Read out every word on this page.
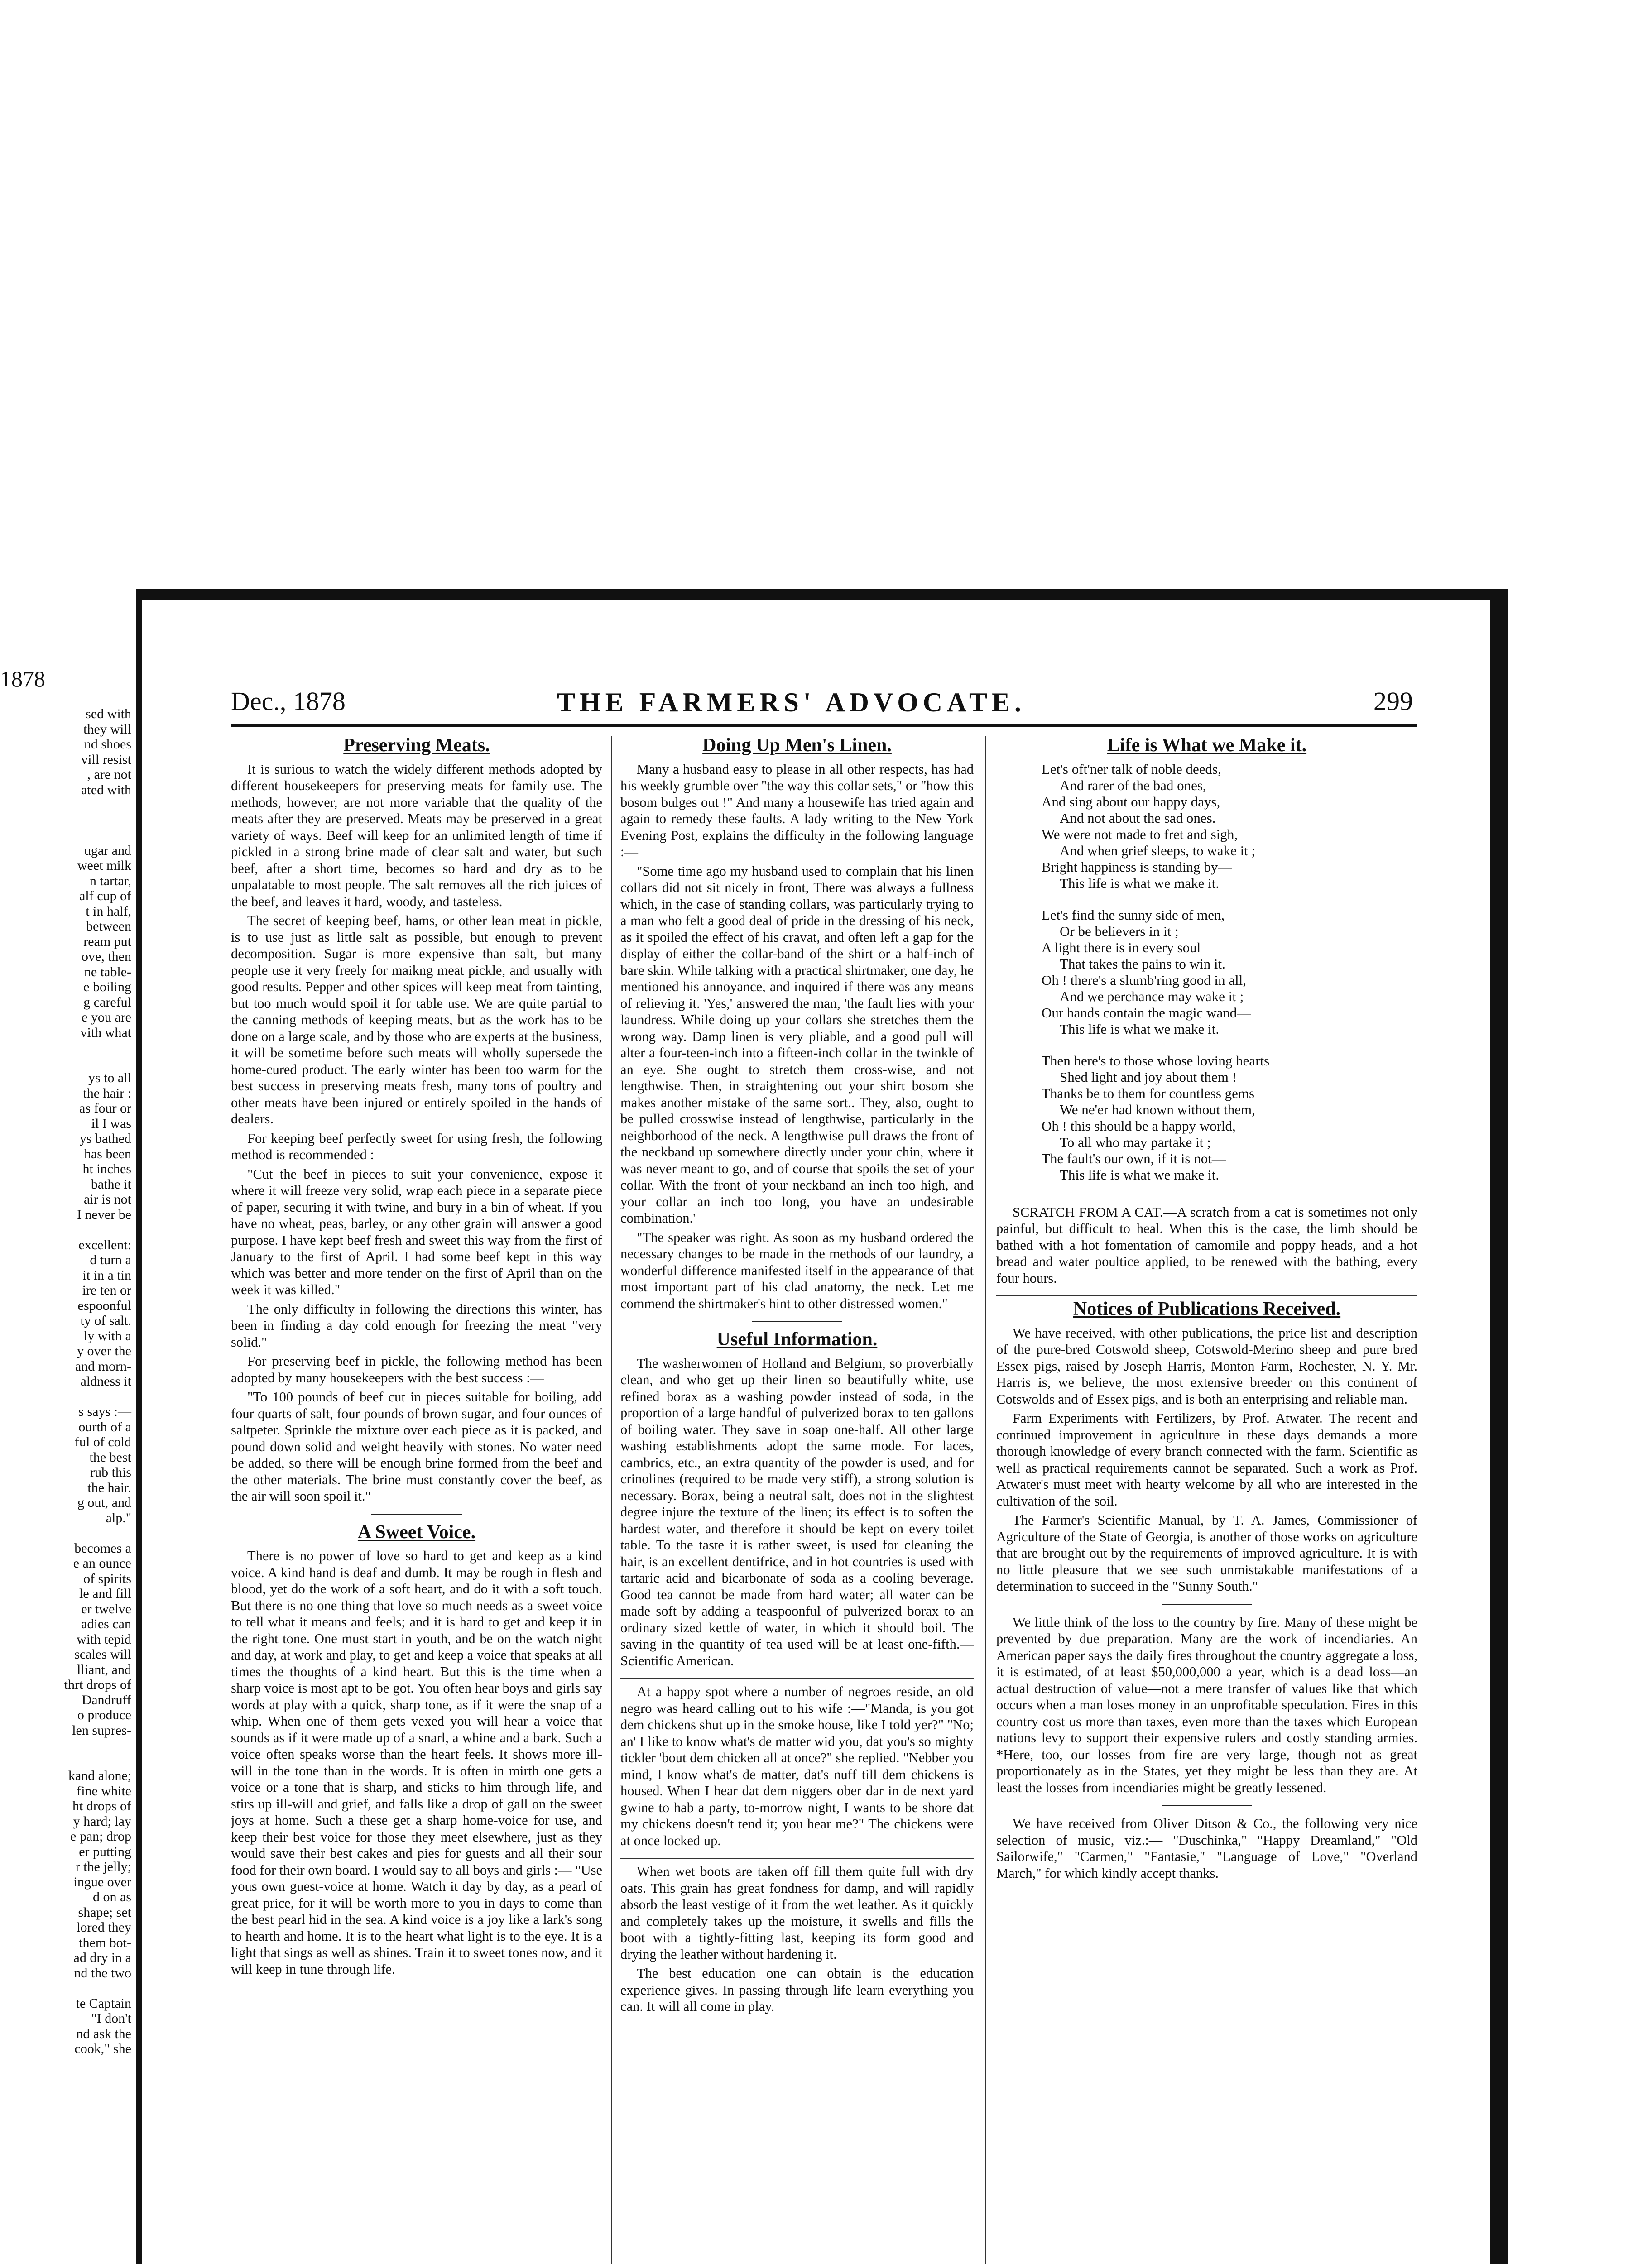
1878
sed with
they will
nd shoes
vill resist
, are not
ated with

ugar and
weet milk
n tartar,
alf cup of
t in half,
between
ream put
ove, then
ne table-
e boiling
g careful
e you are
vith what

ys to all
the hair :
as four or
il I was
ys bathed
has been
ht inches
bathe it
air is not
I never be

excellent:
d turn a
it in a tin
ire ten or
espoonful
ty of salt.
ly with a
y over the
and morn-
aldness it

s says :—
ourth of a
ful of cold
the best
rub this
the hair.
g out, and
alp."

becomes a
e an ounce
of spirits
le and fill
er twelve
adies can
with tepid
scales will
lliant, and
thrt drops of
Dandruff
o produce
len supres-

kand alone;
fine white
ht drops of
y hard; lay
e pan; drop
er putting
r the jelly;
ingue over
d on as
shape; set
lored they
them bot-
ad dry in a
nd the two

te Captain
"I don't
nd ask the
cook," she
Dec., 1878	THE FARMERS' ADVOCATE.	299
Preserving Meats.

It is surious to watch the widely different methods adopted by different housekeepers for preserving meats for family use. The methods, however, are not more variable that the quality of the meats after they are preserved. Meats may be preserved in a great variety of ways. Beef will keep for an unlimited length of time if pickled in a strong brine made of clear salt and water, but such beef, after a short time, becomes so hard and dry as to be unpalatable to most people. The salt removes all the rich juices of the beef, and leaves it hard, woody, and tasteless.

The secret of keeping beef, hams, or other lean meat in pickle, is to use just as little salt as possible, but enough to prevent decomposition. Sugar is more expensive than salt, but many people use it very freely for maikng meat pickle, and usually with good results. Pepper and other spices will keep meat from tainting, but too much would spoil it for table use. We are quite partial to the canning methods of keeping meats, but as the work has to be done on a large scale, and by those who are experts at the business, it will be sometime before such meats will wholly supersede the home-cured product. The early winter has been too warm for the best success in preserving meats fresh, many tons of poultry and other meats have been injured or entirely spoiled in the hands of dealers.

For keeping beef perfectly sweet for using fresh, the following method is recommended :—

"Cut the beef in pieces to suit your convenience, expose it where it will freeze very solid, wrap each piece in a separate piece of paper, securing it with twine, and bury in a bin of wheat. If you have no wheat, peas, barley, or any other grain will answer a good purpose. I have kept beef fresh and sweet this way from the first of January to the first of April. I had some beef kept in this way which was better and more tender on the first of April than on the week it was killed."

The only difficulty in following the directions this winter, has been in finding a day cold enough for freezing the meat "very solid."

For preserving beef in pickle, the following method has been adopted by many housekeepers with the best success :—

"To 100 pounds of beef cut in pieces suitable for boiling, add four quarts of salt, four pounds of brown sugar, and four ounces of saltpeter. Sprinkle the mixture over each piece as it is packed, and pound down solid and weight heavily with stones. No water need be added, so there will be enough brine formed from the beef and the other materials. The brine must constantly cover the beef, as the air will soon spoil it."

A Sweet Voice.

There is no power of love so hard to get and keep as a kind voice. A kind hand is deaf and dumb. It may be rough in flesh and blood, yet do the work of a soft heart, and do it with a soft touch. But there is no one thing that love so much needs as a sweet voice to tell what it means and feels; and it is hard to get and keep it in the right tone. One must start in youth, and be on the watch night and day, at work and play, to get and keep a voice that speaks at all times the thoughts of a kind heart. But this is the time when a sharp voice is most apt to be got. You often hear boys and girls say words at play with a quick, sharp tone, as if it were the snap of a whip. When one of them gets vexed you will hear a voice that sounds as if it were made up of a snarl, a whine and a bark. Such a voice often speaks worse than the heart feels. It shows more ill-will in the tone than in the words. It is often in mirth one gets a voice or a tone that is sharp, and sticks to him through life, and stirs up ill-will and grief, and falls like a drop of gall on the sweet joys at home. Such a these get a sharp home-voice for use, and keep their best voice for those they meet elsewhere, just as they would save their best cakes and pies for guests and all their sour food for their own board. I would say to all boys and girls :— "Use yous own guest-voice at home. Watch it day by day, as a pearl of great price, for it will be worth more to you in days to come than the best pearl hid in the sea. A kind voice is a joy like a lark's song to hearth and home. It is to the heart what light is to the eye. It is a light that sings as well as shines. Train it to sweet tones now, and it will keep in tune through life.

Doing Up Men's Linen.

Many a husband easy to please in all other respects, has had his weekly grumble over "the way this collar sets," or "how this bosom bulges out !" And many a housewife has tried again and again to remedy these faults. A lady writing to the New York Evening Post, explains the difficulty in the following language :—

"Some time ago my husband used to complain that his linen collars did not sit nicely in front, There was always a fullness which, in the case of standing collars, was particularly trying to a man who felt a good deal of pride in the dressing of his neck, as it spoiled the effect of his cravat, and often left a gap for the display of either the collar-band of the shirt or a half-inch of bare skin. While talking with a practical shirtmaker, one day, he mentioned his annoyance, and inquired if there was any means of relieving it. 'Yes,' answered the man, 'the fault lies with your laundress. While doing up your collars she stretches them the wrong way. Damp linen is very pliable, and a good pull will alter a four-teen-inch into a fifteen-inch collar in the twinkle of an eye. She ought to stretch them cross-wise, and not lengthwise. Then, in straightening out your shirt bosom she makes another mistake of the same sort.. They, also, ought to be pulled crosswise instead of lengthwise, particularly in the neighborhood of the neck. A lengthwise pull draws the front of the neckband up somewhere directly under your chin, where it was never meant to go, and of course that spoils the set of your collar. With the front of your neckband an inch too high, and your collar an inch too long, you have an undesirable combination.'

"The speaker was right. As soon as my husband ordered the necessary changes to be made in the methods of our laundry, a wonderful difference manifested itself in the appearance of that most important part of his clad anatomy, the neck. Let me commend the shirtmaker's hint to other distressed women."

Useful Information.

The washerwomen of Holland and Belgium, so proverbially clean, and who get up their linen so beautifully white, use refined borax as a washing powder instead of soda, in the proportion of a large handful of pulverized borax to ten gallons of boiling water. They save in soap one-half. All other large washing establishments adopt the same mode. For laces, cambrics, etc., an extra quantity of the powder is used, and for crinolines (required to be made very stiff), a strong solution is necessary. Borax, being a neutral salt, does not in the slightest degree injure the texture of the linen; its effect is to soften the hardest water, and therefore it should be kept on every toilet table. To the taste it is rather sweet, is used for cleaning the hair, is an excellent dentifrice, and in hot countries is used with tartaric acid and bicarbonate of soda as a cooling beverage. Good tea cannot be made from hard water; all water can be made soft by adding a teaspoonful of pulverized borax to an ordinary sized kettle of water, in which it should boil. The saving in the quantity of tea used will be at least one-fifth.—Scientific American.

At a happy spot where a number of negroes reside, an old negro was heard calling out to his wife :—"Manda, is you got dem chickens shut up in the smoke house, like I told yer?" "No; an' I like to know what's de matter wid you, dat you's so mighty tickler 'bout dem chicken all at once?" she replied. "Nebber you mind, I know what's de matter, dat's nuff till dem chickens is housed. When I hear dat dem niggers ober dar in de next yard gwine to hab a party, to-morrow night, I wants to be shore dat my chickens doesn't tend it; you hear me?" The chickens were at once locked up.

When wet boots are taken off fill them quite full with dry oats. This grain has great fondness for damp, and will rapidly absorb the least vestige of it from the wet leather. As it quickly and completely takes up the moisture, it swells and fills the boot with a tightly-fitting last, keeping its form good and drying the leather without hardening it.

The best education one can obtain is the education experience gives. In passing through life learn everything you can. It will all come in play.

Life is What we Make it.
Let's oft'ner talk of noble deeds,
And rarer of the bad ones,
And sing about our happy days,
And not about the sad ones.
We were not made to fret and sigh,
And when grief sleeps, to wake it ;
Bright happiness is standing by—
This life is what we make it.
Let's find the sunny side of men,
Or be believers in it ;
A light there is in every soul
That takes the pains to win it.
Oh ! there's a slumb'ring good in all,
And we perchance may wake it ;
Our hands contain the magic wand—
This life is what we make it.
Then here's to those whose loving hearts
Shed light and joy about them !
Thanks be to them for countless gems
We ne'er had known without them,
Oh ! this should be a happy world,
To all who may partake it ;
The fault's our own, if it is not—
This life is what we make it.

SCRATCH FROM A CAT.—A scratch from a cat is sometimes not only painful, but difficult to heal. When this is the case, the limb should be bathed with a hot fomentation of camomile and poppy heads, and a hot bread and water poultice applied, to be renewed with the bathing, every four hours.

Notices of Publications Received.

We have received, with other publications, the price list and description of the pure-bred Cotswold sheep, Cotswold-Merino sheep and pure bred Essex pigs, raised by Joseph Harris, Monton Farm, Rochester, N. Y. Mr. Harris is, we believe, the most extensive breeder on this continent of Cotswolds and of Essex pigs, and is both an enterprising and reliable man.

Farm Experiments with Fertilizers, by Prof. Atwater. The recent and continued improvement in agriculture in these days demands a more thorough knowledge of every branch connected with the farm. Scientific as well as practical requirements cannot be separated. Such a work as Prof. Atwater's must meet with hearty welcome by all who are interested in the cultivation of the soil.

The Farmer's Scientific Manual, by T. A. James, Commissioner of Agriculture of the State of Georgia, is another of those works on agriculture that are brought out by the requirements of improved agriculture. It is with no little pleasure that we see such unmistakable manifestations of a determination to succeed in the "Sunny South."

We little think of the loss to the country by fire. Many of these might be prevented by due preparation. Many are the work of incendiaries. An American paper says the daily fires throughout the country aggregate a loss, it is estimated, of at least $50,000,000 a year, which is a dead loss—an actual destruction of value—not a mere transfer of values like that which occurs when a man loses money in an unprofitable speculation. Fires in this country cost us more than taxes, even more than the taxes which European nations levy to support their expensive rulers and costly standing armies. *Here, too, our losses from fire are very large, though not as great proportionately as in the States, yet they might be less than they are. At least the losses from incendiaries might be greatly lessened.

We have received from Oliver Ditson & Co., the following very nice selection of music, viz.:— "Duschinka," "Happy Dreamland," "Old Sailorwife," "Carmen," "Fantasie," "Language of Love," "Overland March," for which kindly accept thanks.
